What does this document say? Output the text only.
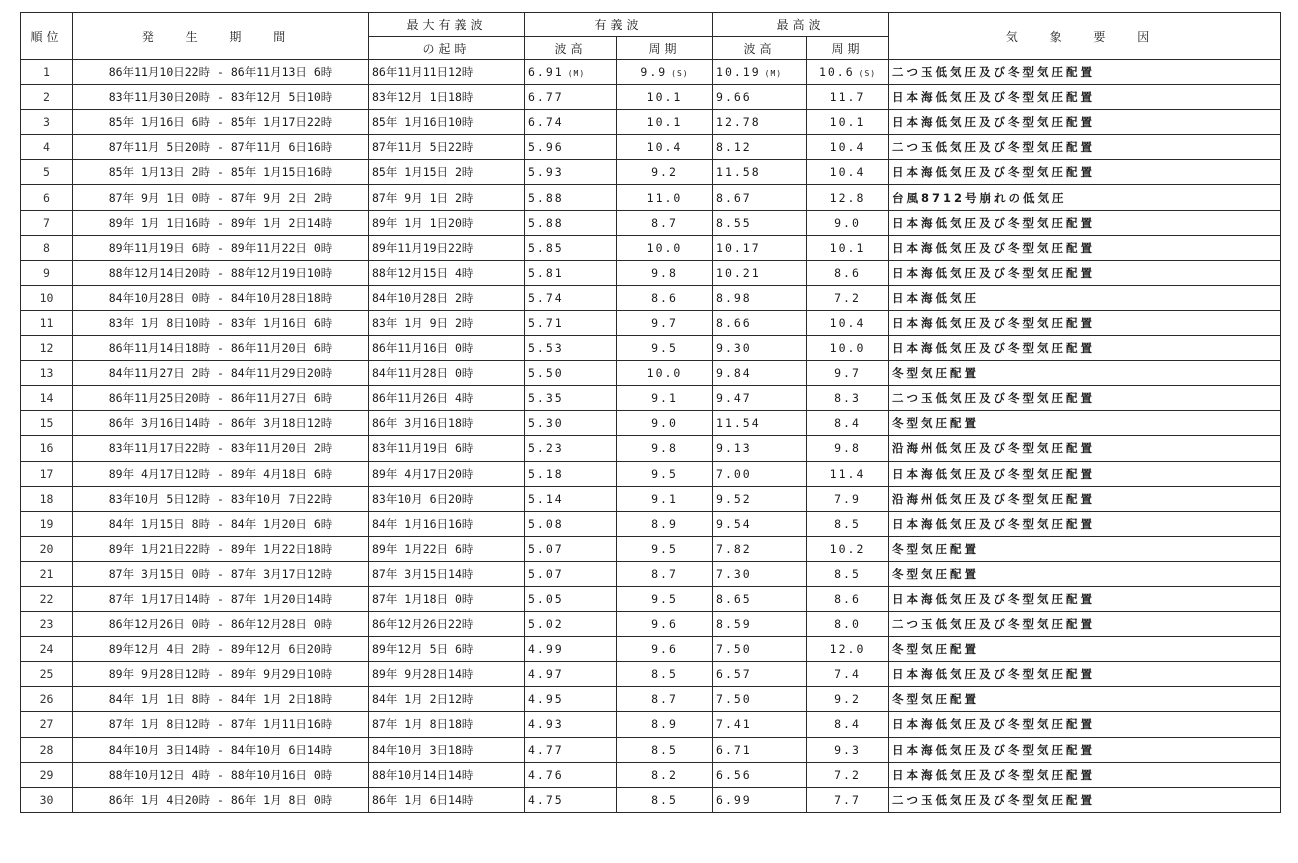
順位	発 生 期 間	最大有義波	有義波		最高波		気 象 要 因
		の起時	波高	周期	波高	周期	
1	86年11月10日22時 - 86年11月13日 6時	86年11月11日12時	6.91 (M)	9.9 (S)	10.19 (M)	10.6 (S)	二つ玉低気圧及び冬型気圧配置
2	83年11月30日20時 - 83年12月 5日10時	83年12月 1日18時	6.77	10.1	9.66	11.7	日本海低気圧及び冬型気圧配置
3	85年 1月16日 6時 - 85年 1月17日22時	85年 1月16日10時	6.74	10.1	12.78	10.1	日本海低気圧及び冬型気圧配置
4	87年11月 5日20時 - 87年11月 6日16時	87年11月 5日22時	5.96	10.4	8.12	10.4	二つ玉低気圧及び冬型気圧配置
5	85年 1月13日 2時 - 85年 1月15日16時	85年 1月15日 2時	5.93	9.2	11.58	10.4	日本海低気圧及び冬型気圧配置
6	87年 9月 1日 0時 - 87年 9月 2日 2時	87年 9月 1日 2時	5.88	11.0	8.67	12.8	台風8712号崩れの低気圧
7	89年 1月 1日16時 - 89年 1月 2日14時	89年 1月 1日20時	5.88	8.7	8.55	9.0	日本海低気圧及び冬型気圧配置
8	89年11月19日 6時 - 89年11月22日 0時	89年11月19日22時	5.85	10.0	10.17	10.1	日本海低気圧及び冬型気圧配置
9	88年12月14日20時 - 88年12月19日10時	88年12月15日 4時	5.81	9.8	10.21	8.6	日本海低気圧及び冬型気圧配置
10	84年10月28日 0時 - 84年10月28日18時	84年10月28日 2時	5.74	8.6	8.98	7.2	日本海低気圧
11	83年 1月 8日10時 - 83年 1月16日 6時	83年 1月 9日 2時	5.71	9.7	8.66	10.4	日本海低気圧及び冬型気圧配置
12	86年11月14日18時 - 86年11月20日 6時	86年11月16日 0時	5.53	9.5	9.30	10.0	日本海低気圧及び冬型気圧配置
13	84年11月27日 2時 - 84年11月29日20時	84年11月28日 0時	5.50	10.0	9.84	9.7	冬型気圧配置
14	86年11月25日20時 - 86年11月27日 6時	86年11月26日 4時	5.35	9.1	9.47	8.3	二つ玉低気圧及び冬型気圧配置
15	86年 3月16日14時 - 86年 3月18日12時	86年 3月16日18時	5.30	9.0	11.54	8.4	冬型気圧配置
16	83年11月17日22時 - 83年11月20日 2時	83年11月19日 6時	5.23	9.8	9.13	9.8	沿海州低気圧及び冬型気圧配置
17	89年 4月17日12時 - 89年 4月18日 6時	89年 4月17日20時	5.18	9.5	7.00	11.4	日本海低気圧及び冬型気圧配置
18	83年10月 5日12時 - 83年10月 7日22時	83年10月 6日20時	5.14	9.1	9.52	7.9	沿海州低気圧及び冬型気圧配置
19	84年 1月15日 8時 - 84年 1月20日 6時	84年 1月16日16時	5.08	8.9	9.54	8.5	日本海低気圧及び冬型気圧配置
20	89年 1月21日22時 - 89年 1月22日18時	89年 1月22日 6時	5.07	9.5	7.82	10.2	冬型気圧配置
21	87年 3月15日 0時 - 87年 3月17日12時	87年 3月15日14時	5.07	8.7	7.30	8.5	冬型気圧配置
22	87年 1月17日14時 - 87年 1月20日14時	87年 1月18日 0時	5.05	9.5	8.65	8.6	日本海低気圧及び冬型気圧配置
23	86年12月26日 0時 - 86年12月28日 0時	86年12月26日22時	5.02	9.6	8.59	8.0	二つ玉低気圧及び冬型気圧配置
24	89年12月 4日 2時 - 89年12月 6日20時	89年12月 5日 6時	4.99	9.6	7.50	12.0	冬型気圧配置
25	89年 9月28日12時 - 89年 9月29日10時	89年 9月28日14時	4.97	8.5	6.57	7.4	日本海低気圧及び冬型気圧配置
26	84年 1月 1日 8時 - 84年 1月 2日18時	84年 1月 2日12時	4.95	8.7	7.50	9.2	冬型気圧配置
27	87年 1月 8日12時 - 87年 1月11日16時	87年 1月 8日18時	4.93	8.9	7.41	8.4	日本海低気圧及び冬型気圧配置
28	84年10月 3日14時 - 84年10月 6日14時	84年10月 3日18時	4.77	8.5	6.71	9.3	日本海低気圧及び冬型気圧配置
29	88年10月12日 4時 - 88年10月16日 0時	88年10月14日14時	4.76	8.2	6.56	7.2	日本海低気圧及び冬型気圧配置
30	86年 1月 4日20時 - 86年 1月 8日 0時	86年 1月 6日14時	4.75	8.5	6.99	7.7	二つ玉低気圧及び冬型気圧配置
